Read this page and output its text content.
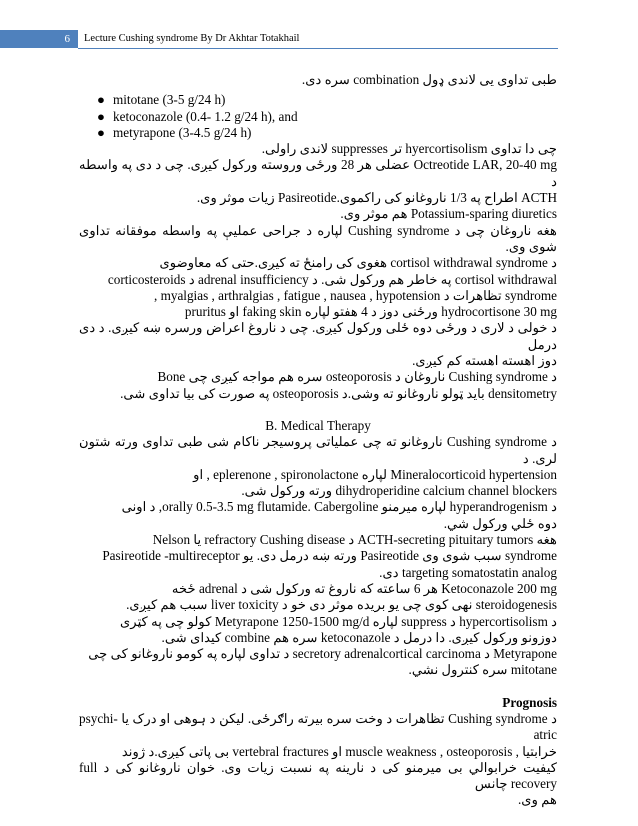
6	Lecture Cushing syndrome By Dr Akhtar Totakhail

طبی تداوی یی لاندی ډول combination سره دی.

● mitotane (3-5 g/24 h)
● ketoconazole (0.4- 1.2 g/24 h), and
● metyrapone (3-4.5 g/24 h)

چی دا تداوی hyercortisolism تر suppresses لاندی راولی.

Octreotide LAR, 20-40 mg عضلی هر 28 ورځی وروسته ورکول کیږی. چی د دی په واسطه د

ACTH اطراح په 1/3 ناروغانو کی راکموی.Pasireotide زیات موثر وی.

Potassium-sparing diuretics هم موثر وی.

هغه ناروغان چی د Cushing syndrome لپاره د جراحی عملیې په واسطه موفقانه تداوی شوی وی.

د cortisol withdrawal syndrome هغوی کی رامنځ ته کیږی.حتی که معاوضوی

cortisol withdrawal په خاطر هم ورکول شی. د adrenal insufficiency د corticosteroids

syndrome تظاهرات د myalgias , arthralgias , fatigue , nausea , hypotension ,

hydrocortisone 30 mg ورځنی دوز د 4 هفتو لپاره faking skin او pruritus

د خولی د لاری د ورځی دوه ځلی ورکول کیږی. چی د ناروغ اعراض ورسره ښه کیږی. د دی درمل

دوز اهسته اهسته کم کیږی.

د Cushing syndrome ناروغان د osteoporosis سره هم مواجه کیږی چی Bone

densitometry باید ټولو ناروغانو ته وشی.د osteoporosis په صورت کی بیا تداوی شی.

B. Medical Therapy

د Cushing syndrome ناروغانو ته چی عملیاتی پروسیجر ناکام شی طبی تداوی ورته شتون لری. د

Mineralocorticoid hypertension لپاره eplerenone , spironolactone , او

dihydroperidine calcium channel blockers ورته ورکول شی.

د hyperandrogenism لپاره میرمنو orally 0.5-3.5 mg flutamide. Cabergoline, د اونی

دوه ځلي ورکول شي.

هغه ACTH-secreting pituitary tumors د refractory Cushing disease یا Nelson

syndrome سبب شوی وی Pasireotide ورته ښه درمل دی. یو Pasireotide -multireceptor

targeting somatostatin analog دی.

Ketoconazole 200 mg هر 6 ساعته که ناروغ ته ورکول شی د adrenal ځخه

steroidogenesis نهی کوی چی یو بریده موثر دی خو د liver toxicity سبب هم کیږی.

د hypercortisolism د suppress لپاره Metyrapone 1250-1500 mg/d کولو چی په کټری

دوزونو ورکول کیږی. دا درمل د ketoconazole سره هم combine کیدای شی.

Metyrapone د secretory adrenalcortical carcinoma د تداوی لپاره په کومو ناروغانو کی چی

mitotane سره کنترول نشي.

Prognosis

د Cushing syndrome تظاهرات د وخت سره بیرته راګرځی. لیکن د ہوھی او درک یا psychi-atric

خرابتیا , muscle weakness , osteoporosis او vertebral fractures بی پاتی کیږی.د ژوند

کیفیت خرابوالي بی میرمنو کی د نارینه په نسبت زیات وی. خوان ناروغانو کی د full recovery چانس

هم وی.
